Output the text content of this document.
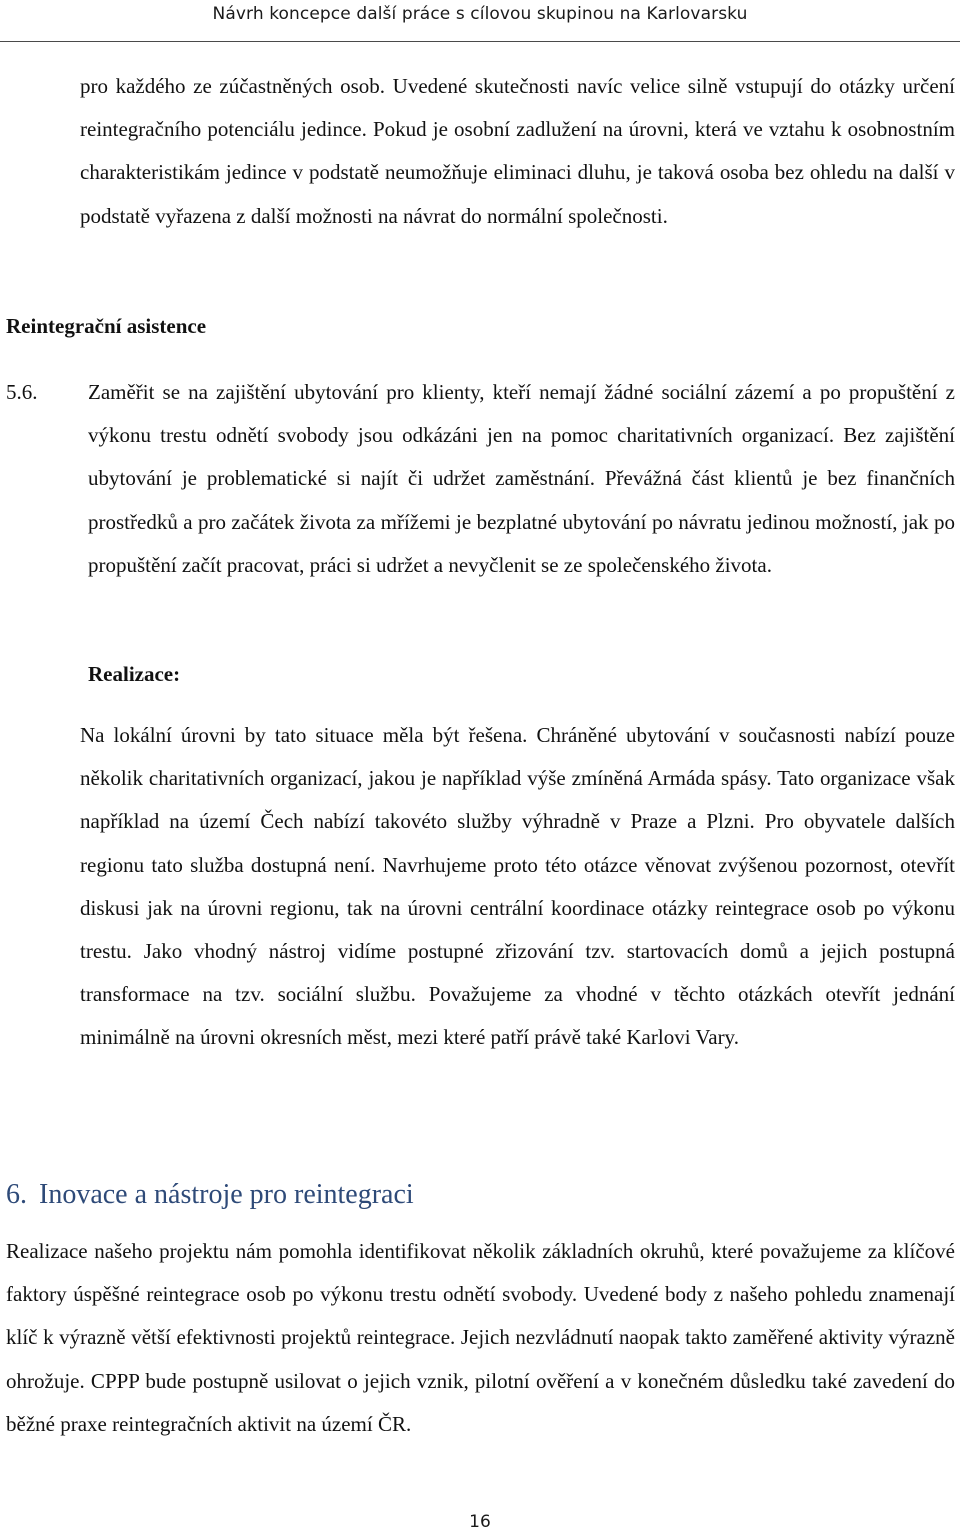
Návrh koncepce další práce s cílovou skupinou na Karlovarsku

pro každého ze zúčastněných osob. Uvedené skutečnosti navíc velice silně vstupují do otázky určení reintegračního potenciálu jedince. Pokud je osobní zadlužení na úrovni, která ve vztahu k osobnostním charakteristikám jedince v podstatě neumožňuje eliminaci dluhu, je taková osoba bez ohledu na další v podstatě vyřazena z další možnosti na návrat do normální společnosti.

Reintegrační asistence
5.6. Zaměřit se na zajištění ubytování pro klienty, kteří nemají žádné sociální zázemí a po propuštění z výkonu trestu odnětí svobody jsou odkázáni jen na pomoc charitativních organizací. Bez zajištění ubytování je problematické si najít či udržet zaměstnání. Převážná část klientů je bez finančních prostředků a pro začátek života za mřížemi je bezplatné ubytování po návratu jedinou možností, jak po propuštění začít pracovat, práci si udržet a nevyčlenit se ze společenského života.

Realizace:

Na lokální úrovni by tato situace měla být řešena. Chráněné ubytování v současnosti nabízí pouze několik charitativních organizací, jakou je například výše zmíněná Armáda spásy. Tato organizace však například na území Čech nabízí takovéto služby výhradně v Praze a Plzni. Pro obyvatele dalších regionu tato služba dostupná není. Navrhujeme proto této otázce věnovat zvýšenou pozornost, otevřít diskusi jak na úrovni regionu, tak na úrovni centrální koordinace otázky reintegrace osob po výkonu trestu. Jako vhodný nástroj vidíme postupné zřizování tzv. startovacích domů a jejich postupná transformace na tzv. sociální službu. Považujeme za vhodné v těchto otázkách otevřít jednání minimálně na úrovni okresních měst, mezi které patří právě také Karlovi Vary.

6. Inovace a nástroje pro reintegraci

Realizace našeho projektu nám pomohla identifikovat několik základních okruhů, které považujeme za klíčové faktory úspěšné reintegrace osob po výkonu trestu odnětí svobody. Uvedené body z našeho pohledu znamenají klíč k výrazně větší efektivnosti projektů reintegrace. Jejich nezvládnutí naopak takto zaměřené aktivity výrazně ohrožuje. CPPP bude postupně usilovat o jejich vznik, pilotní ověření a v konečném důsledku také zavedení do běžné praxe reintegračních aktivit na území ČR.

16
